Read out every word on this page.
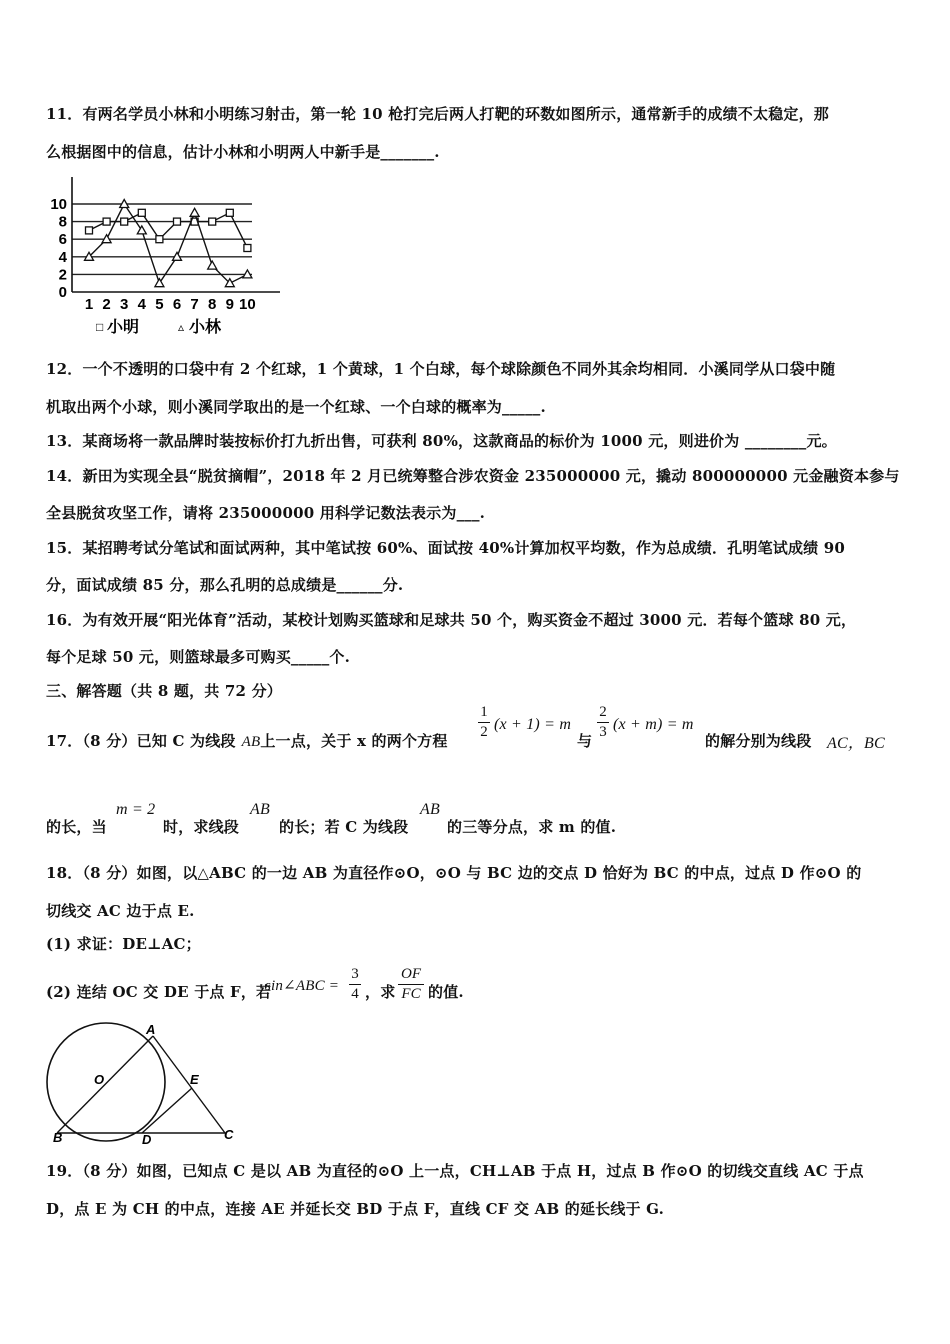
11．有两名学员小林和小明练习射击，第一轮 10 枪打完后两人打靶的环数如图所示，通常新手的成绩不太稳定，那
么根据图中的信息，估计小林和小明两人中新手是_______.
0
2
4
6
8
10
1 2 3 4 5 6 7 8 9 10
□ 小明	▵ 小林
12．一个不透明的口袋中有 2 个红球，1 个黄球，1 个白球，每个球除颜色不同外其余均相同．小溪同学从口袋中随
机取出两个小球，则小溪同学取出的是一个红球、一个白球的概率为_____.
13．某商场将一款品牌时装按标价打九折出售，可获利 80%，这款商品的标价为 1000 元，则进价为 ________元。
14．新田为实现全县“脱贫摘帽”，2018 年 2 月已统筹整合涉农资金 235000000 元，撬动 800000000 元金融资本参与
全县脱贫攻坚工作，请将 235000000 用科学记数法表示为___.
15．某招聘考试分笔试和面试两种，其中笔试按 60%、面试按 40%计算加权平均数，作为总成绩．孔明笔试成绩 90
分，面试成绩 85 分，那么孔明的总成绩是______分.
16．为有效开展“阳光体育”活动，某校计划购买篮球和足球共 50 个，购买资金不超过 3000 元．若每个篮球 80 元，
每个足球 50 元，则篮球最多可购买_____个.
三、解答题（共 8 题，共 72 分）
17．（8 分）已知 C 为线段 AB上一点，关于 x 的两个方程
1
2 (x + 1) = m
与
2
3 (x + m) = m
的解分别为线段 AC，BC
的长，当
m = 2
时，求线段
AB
的长；若 C 为线段
AB
的三等分点，求 m 的值.
18．（8 分）如图，以△ABC 的一边 AB 为直径作⊙O，⊙O 与 BC 边的交点 D 恰好为 BC 的中点，过点 D 作⊙O 的
切线交 AC 边于点 E.
(1) 求证：DE⊥AC；
(2) 连结 OC 交 DE 于点 F，若
sin∠ABC =
3
4 ，求
OF
FC 的值.
A
B	C
D
E
O
19．（8 分）如图，已知点 C 是以 AB 为直径的⊙O 上一点，CH⊥AB 于点 H，过点 B 作⊙O 的切线交直线 AC 于点
D，点 E 为 CH 的中点，连接 AE 并延长交 BD 于点 F，直线 CF 交 AB 的延长线于 G.
